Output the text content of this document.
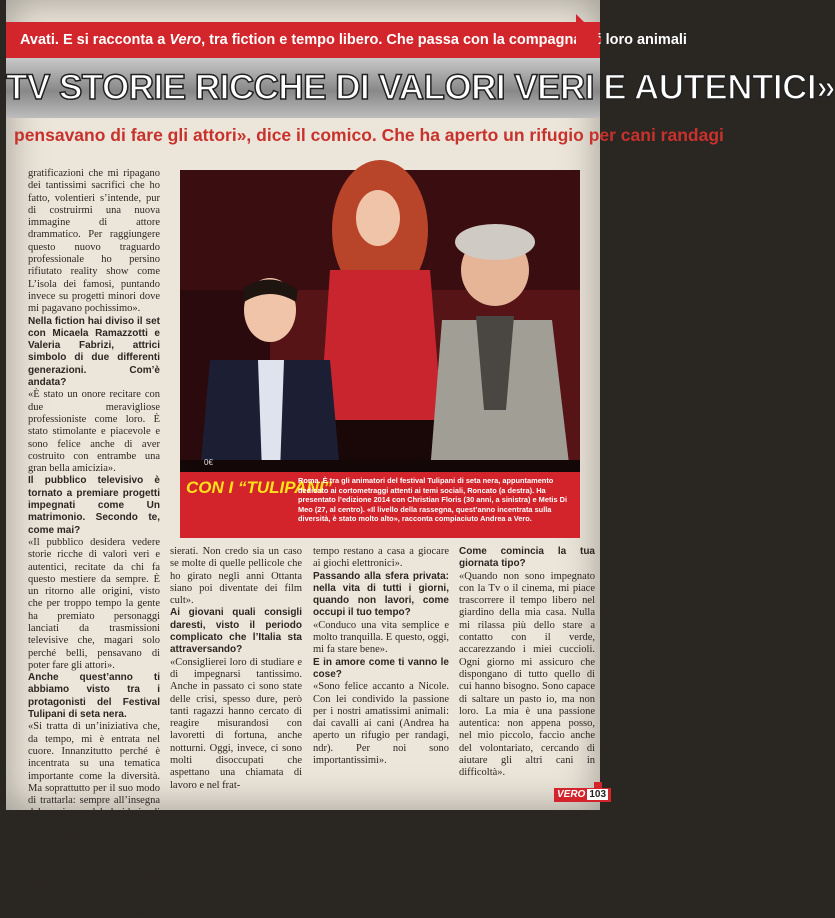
Avati. E si racconta a Vero, tra fiction e tempo libero. Che passa con la compagna e i loro animali
TV STORIE RICCHE DI VALORI VERI E AUTENTICI»
pensavano di fare gli attori», dice il comico. Che ha aperto un rifugio per cani randagi

gratificazioni che mi ripagano dei tantissimi sacrifici che ho fatto, volentieri s’intende, pur di costruirmi una nuova immagine di attore drammatico. Per raggiungere questo nuovo traguardo professionale ho persino rifiutato reality show come L’isola dei famosi, puntando invece su progetti minori dove mi pagavano pochissimo».

Nella fiction hai diviso il set con Micaela Ramazzotti e Valeria Fabrizi, attrici simbolo di due differenti generazioni. Com’è andata?

«È stato un onore recitare con due meravigliose professioniste come loro. È stato stimolante e piacevole e sono felice anche di aver costruito con entrambe una gran bella amicizia».

Il pubblico televisivo è tornato a premiare progetti impegnati come Un matrimonio. Secondo te, come mai?

«Il pubblico desidera vedere storie ricche di valori veri e autentici, recitate da chi fa questo mestiere da sempre. È un ritorno alle origini, visto che per troppo tempo la gente ha premiato personaggi lanciati da trasmissioni televisive che, magari solo perché belli, pensavano di poter fare gli attori».

Anche quest’anno ti abbiamo visto tra i protagonisti del Festival Tulipani di seta nera.

«Si tratta di un’iniziativa che, da tempo, mi è entrata nel cuore. Innanzitutto perché è incentrata su una tematica importante come la diversità. Ma soprattutto per il suo modo di trattarla: sempre all’insegna del sorriso e del desiderio di fare qualcosa per cambiare le cose, invece che con mera compassione».

Quali ricordi conservi dell’inizio della tua carriera?

«Sono orgoglioso dei miei primi film, più leggeri e spen-

0€
CON I “TULIPANI”
Roma. È tra gli animatori del festival Tulipani di seta nera, appuntamento dedicato ai cortometraggi attenti ai temi sociali, Roncato (a destra). Ha presentato l’edizione 2014 con Christian Floris (30 anni, a sinistra) e Metis Di Meo (27, al centro). «Il livello della rassegna, quest’anno incentrata sulla diversità, è stato molto alto», racconta compiaciuto Andrea a Vero.

sierati. Non credo sia un caso se molte di quelle pellicole che ho girato negli anni Ottanta siano poi diventate dei film cult».

Ai giovani quali consigli daresti, visto il periodo complicato che l’Italia sta attraversando?

«Consiglierei loro di studiare e di impegnarsi tantissimo. Anche in passato ci sono state delle crisi, spesso dure, però tanti ragazzi hanno cercato di reagire misurandosi con lavoretti di fortuna, anche notturni. Oggi, invece, ci sono molti disoccupati che aspettano una chiamata di lavoro e nel frat-

tempo restano a casa a giocare ai giochi elettronici».

Passando alla sfera privata: nella vita di tutti i giorni, quando non lavori, come occupi il tuo tempo?

«Conduco una vita semplice e molto tranquilla. E questo, oggi, mi fa stare bene».

E in amore come ti vanno le cose?

«Sono felice accanto a Nicole. Con lei condivido la passione per i nostri amatissimi animali: dai cavalli ai cani (Andrea ha aperto un rifugio per randagi, ndr). Per noi sono importantissimi».

Come comincia la tua giornata tipo?

«Quando non sono impegnato con la Tv o il cinema, mi piace trascorrere il tempo libero nel giardino della mia casa. Nulla mi rilassa più dello stare a contatto con il verde, accarezzando i miei cuccioli. Ogni giorno mi assicuro che dispongano di tutto quello di cui hanno bisogno. Sono capace di saltare un pasto io, ma non loro. La mia è una passione autentica: non appena posso, nel mio piccolo, faccio anche del volontariato, cercando di aiutare gli altri cani in difficoltà».

VERO 103
